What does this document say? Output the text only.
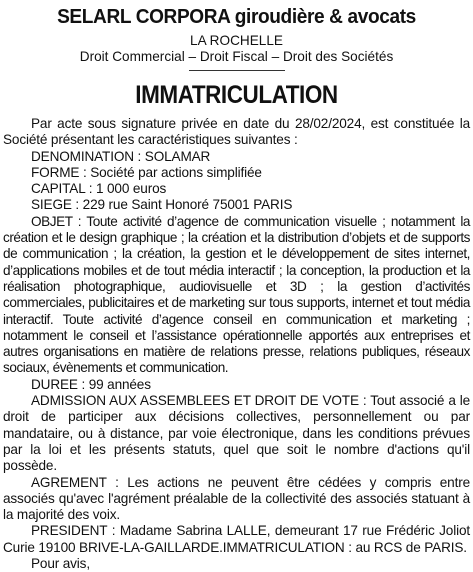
SELARL CORPORA giroudière & avocats
LA ROCHELLE
Droit Commercial – Droit Fiscal – Droit des Sociétés
IMMATRICULATION

Par acte sous signature privée en date du 28/02/2024, est constituée la Société présentant les caractéristiques suivantes :

DENOMINATION : SOLAMAR

FORME : Société par actions simplifiée

CAPITAL : 1 000 euros

SIEGE : 229 rue Saint Honoré 75001 PARIS

OBJET : Toute activité d’agence de communication visuelle ; notamment la création et le design graphique ; la création et la distribution d’objets et de supports de communication ; la création, la gestion et le développement de sites internet, d’applications mobiles et de tout média interactif ; la conception, la production et la réalisation photographique, audiovisuelle et 3D ; la gestion d’activités commerciales, publicitaires et de marketing sur tous supports, internet et tout média interactif. Toute activité d’agence conseil en communication et marketing ; notamment le conseil et l’assistance opérationnelle apportés aux entreprises et autres organisations en matière de relations presse, relations publiques, réseaux sociaux, évènements et communication.

DUREE : 99 années

ADMISSION AUX ASSEMBLEES ET DROIT DE VOTE : Tout associé a le droit de participer aux décisions collectives, personnellement ou par mandataire, ou à distance, par voie électronique, dans les conditions prévues par la loi et les présents statuts, quel que soit le nombre d'actions qu'il possède.

AGREMENT : Les actions ne peuvent être cédées y compris entre associés qu'avec l'agrément préalable de la collectivité des associés statuant à la majorité des voix.

PRESIDENT : Madame Sabrina LALLE, demeurant 17 rue Frédéric Joliot Curie 19100 BRIVE-LA-GAILLARDE.IMMATRICULATION : au RCS de PARIS.

Pour avis,
